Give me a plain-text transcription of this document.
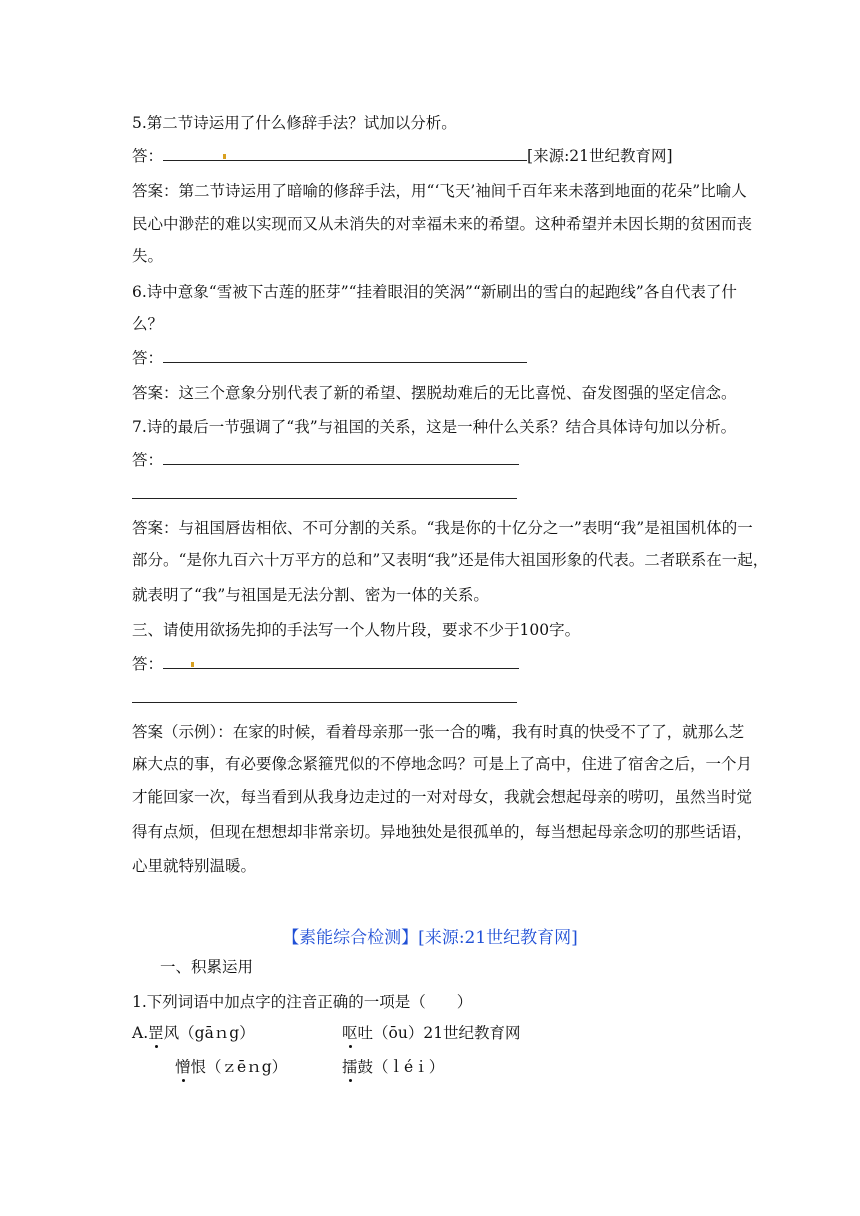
5.第二节诗运用了什么修辞手法？试加以分析。
答：	[来源:21世纪教育网]
答案：第二节诗运用了暗喻的修辞手法，用“‘飞天’袖间千百年来未落到地面的花朵”比喻人
民心中渺茫的难以实现而又从未消失的对幸福未来的希望。这种希望并未因长期的贫困而丧
失。
6.诗中意象“雪被下古莲的胚芽”“挂着眼泪的笑涡”“新刷出的雪白的起跑线”各自代表了什
么？
答：
答案：这三个意象分别代表了新的希望、摆脱劫难后的无比喜悦、奋发图强的坚定信念。
7.诗的最后一节强调了“我”与祖国的关系，这是一种什么关系？结合具体诗句加以分析。
答：
答案：与祖国唇齿相依、不可分割的关系。“我是你的十亿分之一”表明“我”是祖国机体的一
部分。“是你九百六十万平方的总和”又表明“我”还是伟大祖国形象的代表。二者联系在一起，
就表明了“我”与祖国是无法分割、密为一体的关系。
三、请使用欲扬先抑的手法写一个人物片段，要求不少于100字。
答：
答案（示例）：在家的时候，看着母亲那一张一合的嘴，我有时真的快受不了了，就那么芝
麻大点的事，有必要像念紧箍咒似的不停地念吗？可是上了高中，住进了宿舍之后，一个月
才能回家一次，每当看到从我身边走过的一对对母女，我就会想起母亲的唠叨，虽然当时觉
得有点烦，但现在想想却非常亲切。异地独处是很孤单的，每当想起母亲念叨的那些话语，
心里就特别温暖。
【素能综合检测】[来源:21世纪教育网]
一、积累运用
1.下列词语中加点字的注音正确的一项是（　　）
A.罡风（gāｎg）	呕吐（ōu）21世纪教育网
憎恨（ｚēｎg）	擂鼓（ｌéｉ）
